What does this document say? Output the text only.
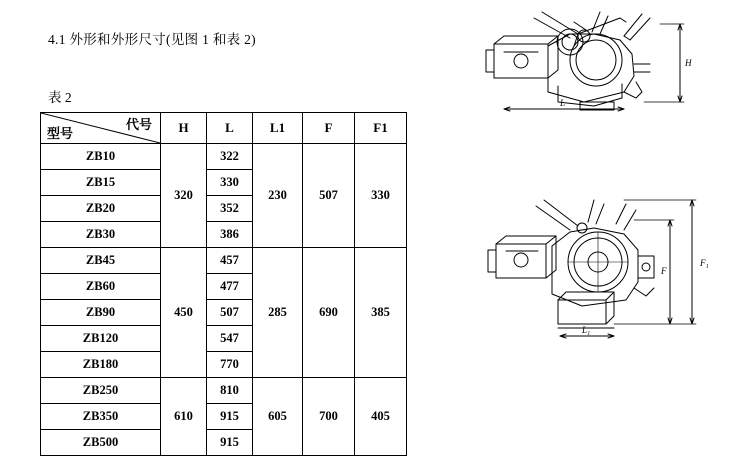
4.1 外形和外形尺寸(见图 1 和表 2)
表 2
型号
代号	H	L	L1	F	F1
ZB10	320	322	230	507	330
ZB15		330			
ZB20		352			
ZB30		386			
ZB45	450	457	285	690	385
ZB60		477			
ZB90		507			
ZB120		547			
ZB180		770			
ZB250	610	810	605	700	405
ZB350		915			
ZB500		915			
L
H
L₁
F
F₁
